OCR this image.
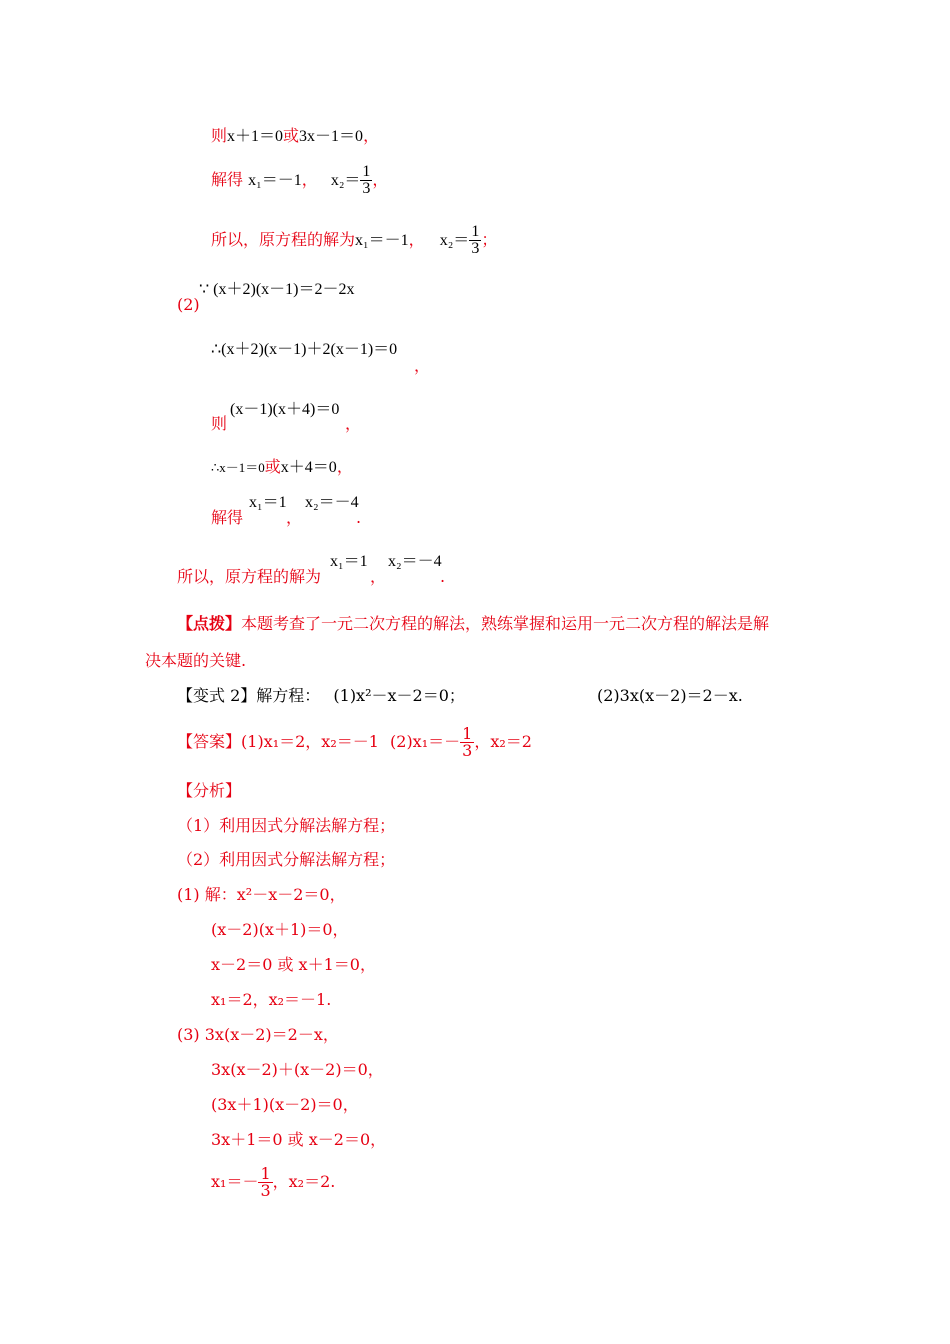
则x＋1＝0或3x－1＝0，
解得 x₁＝－1， $x_2= \frac{1}{3}$ ，
所以，原方程的解为x₁＝－1， $x_2= \frac{1}{3}$ ；
(2)
∵ (x＋2)(x－1)＝2－2x
∴(x＋2)(x－1)＋2(x－1)＝0
，
则
(x－1)(x＋4)＝0
，
∴x－1＝0或x＋4＝0，
解得
x₁＝1
，
x₂＝－4
.
所以，原方程的解为
x₁＝1
，
x₂＝－4
.
【点拨】本题考查了一元二次方程的解法，熟练掌握和运用一元二次方程的解法是解
决本题的关键.
【变式 2】解方程： (1)x²－x－2＝0；	(2)3x(x－2)＝2－x.
【答案】(1)x₁＝2，x₂＝－1 $(2)x_1=- \frac{1}{3}$ ，x₂＝2
【分析】
（1）利用因式分解法解方程；
（2）利用因式分解法解方程；
(1) 解：x²－x－2＝0，
(x－2)(x＋1)＝0，
x－2＝0 或 x＋1＝0，
x₁＝2，x₂＝－1.
(3) 3x(x－2)＝2－x，
3x(x－2)＋(x－2)＝0，
(3x＋1)(x－2)＝0，
3x＋1＝0 或 x－2＝0，
$x_1=- \frac{1}{3}$ ，x₂＝2.
